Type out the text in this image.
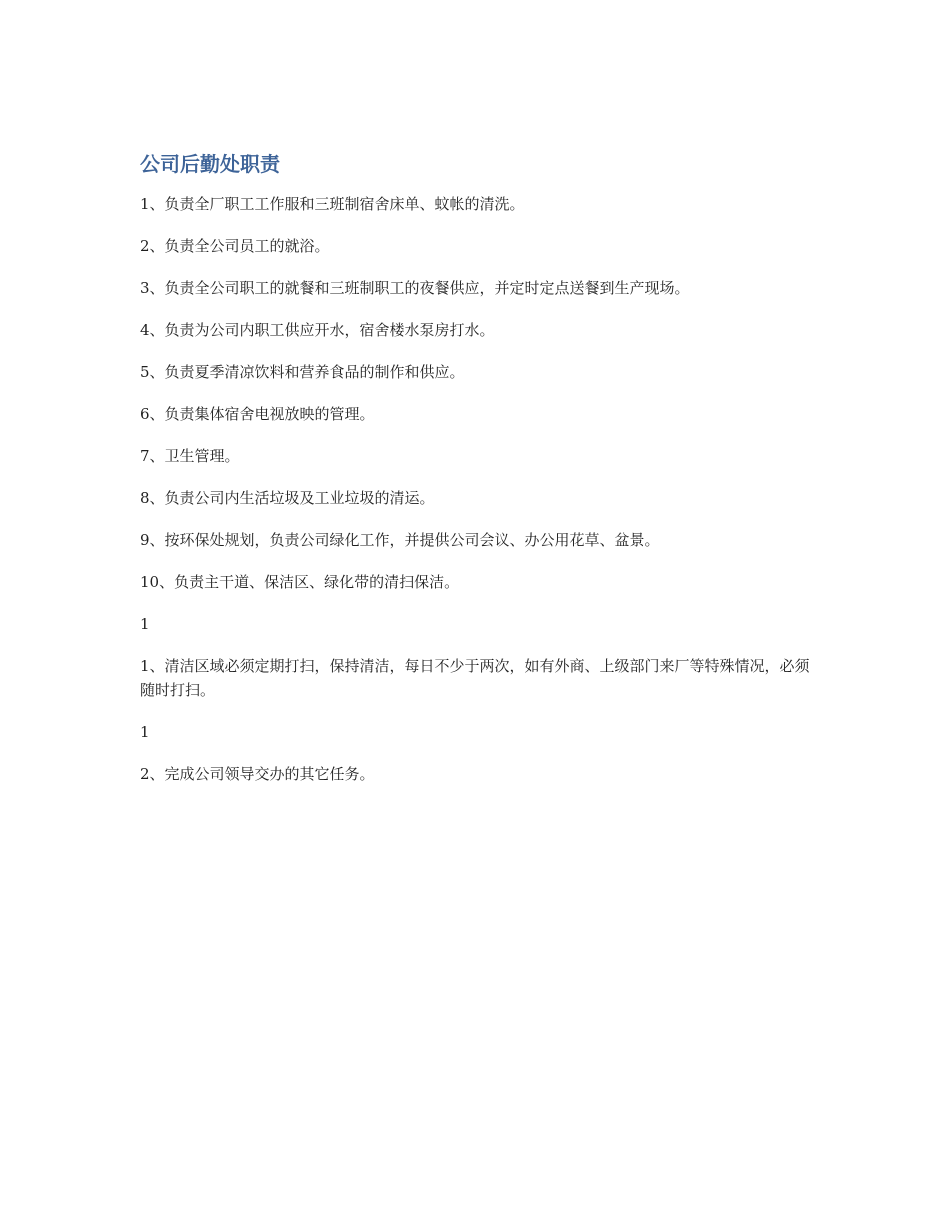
公司后勤处职责

1、负责全厂职工工作服和三班制宿舍床单、蚊帐的清洗。

2、负责全公司员工的就浴。

3、负责全公司职工的就餐和三班制职工的夜餐供应，并定时定点送餐到生产现场。

4、负责为公司内职工供应开水，宿舍楼水泵房打水。

5、负责夏季清凉饮料和营养食品的制作和供应。

6、负责集体宿舍电视放映的管理。

7、卫生管理。

8、负责公司内生活垃圾及工业垃圾的清运。

9、按环保处规划，负责公司绿化工作，并提供公司会议、办公用花草、盆景。

10、负责主干道、保洁区、绿化带的清扫保洁。

1

1、清洁区域必须定期打扫，保持清洁，每日不少于两次，如有外商、上级部门来厂等特殊情况，必须随时打扫。

1

2、完成公司领导交办的其它任务。
